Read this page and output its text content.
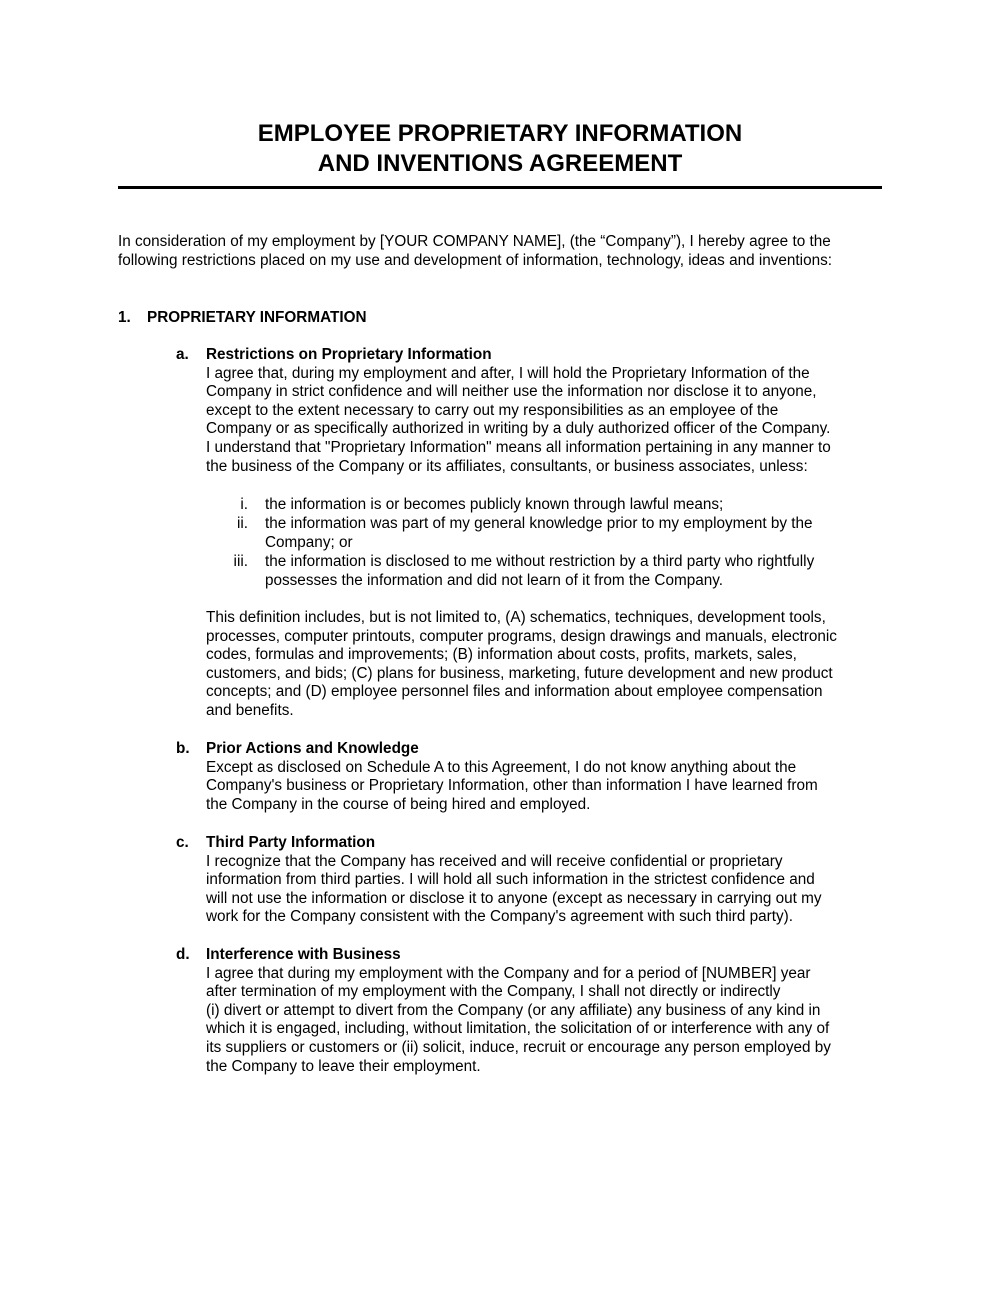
EMPLOYEE PROPRIETARY INFORMATION
AND INVENTIONS AGREEMENT
In consideration of my employment by [YOUR COMPANY NAME], (the “Company”), I hereby agree to the
following restrictions placed on my use and development of information, technology, ideas and inventions:
1. PROPRIETARY INFORMATION
a. Restrictions on Proprietary Information
I agree that, during my employment and after, I will hold the Proprietary Information of the
Company in strict confidence and will neither use the information nor disclose it to anyone,
except to the extent necessary to carry out my responsibilities as an employee of the
Company or as specifically authorized in writing by a duly authorized officer of the Company.
I understand that "Proprietary Information" means all information pertaining in any manner to
the business of the Company or its affiliates, consultants, or business associates, unless:
i. the information is or becomes publicly known through lawful means;
ii. the information was part of my general knowledge prior to my employment by the
Company; or
iii. the information is disclosed to me without restriction by a third party who rightfully
possesses the information and did not learn of it from the Company.
This definition includes, but is not limited to, (A) schematics, techniques, development tools,
processes, computer printouts, computer programs, design drawings and manuals, electronic
codes, formulas and improvements; (B) information about costs, profits, markets, sales,
customers, and bids; (C) plans for business, marketing, future development and new product
concepts; and (D) employee personnel files and information about employee compensation
and benefits.
b. Prior Actions and Knowledge
Except as disclosed on Schedule A to this Agreement, I do not know anything about the
Company's business or Proprietary Information, other than information I have learned from
the Company in the course of being hired and employed.
c. Third Party Information
I recognize that the Company has received and will receive confidential or proprietary
information from third parties. I will hold all such information in the strictest confidence and
will not use the information or disclose it to anyone (except as necessary in carrying out my
work for the Company consistent with the Company's agreement with such third party).
d. Interference with Business
I agree that during my employment with the Company and for a period of [NUMBER] year
after termination of my employment with the Company, I shall not directly or indirectly
(i) divert or attempt to divert from the Company (or any affiliate) any business of any kind in
which it is engaged, including, without limitation, the solicitation of or interference with any of
its suppliers or customers or (ii) solicit, induce, recruit or encourage any person employed by
the Company to leave their employment.
